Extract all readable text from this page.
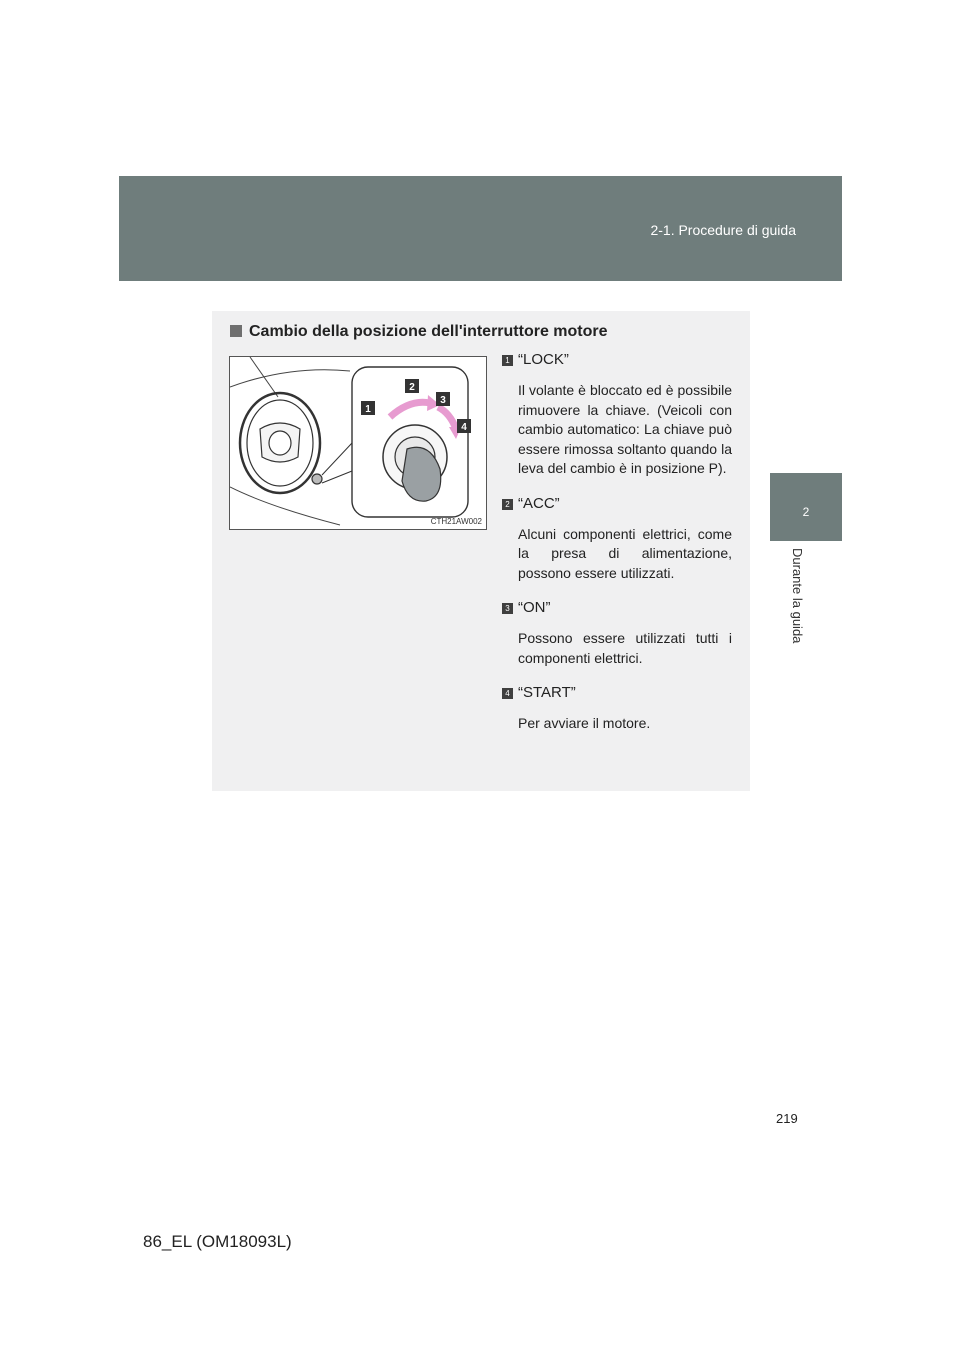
2-1. Procedure di guida
2
Durante la guida
Cambio della posizione dell'interruttore motore
1
2
3
4
CTH21AW002
1 “LOCK”
Il volante è bloccato ed è possibile rimuovere la chiave. (Veicoli con cambio automatico: La chiave può essere rimossa soltanto quando la leva del cambio è in posizione P).
2 “ACC”
Alcuni componenti elettrici, come la presa di alimentazione, possono essere utilizzati.
3 “ON”
Possono essere utilizzati tutti i componenti elettrici.
4 “START”
Per avviare il motore.
219
86_EL (OM18093L)
